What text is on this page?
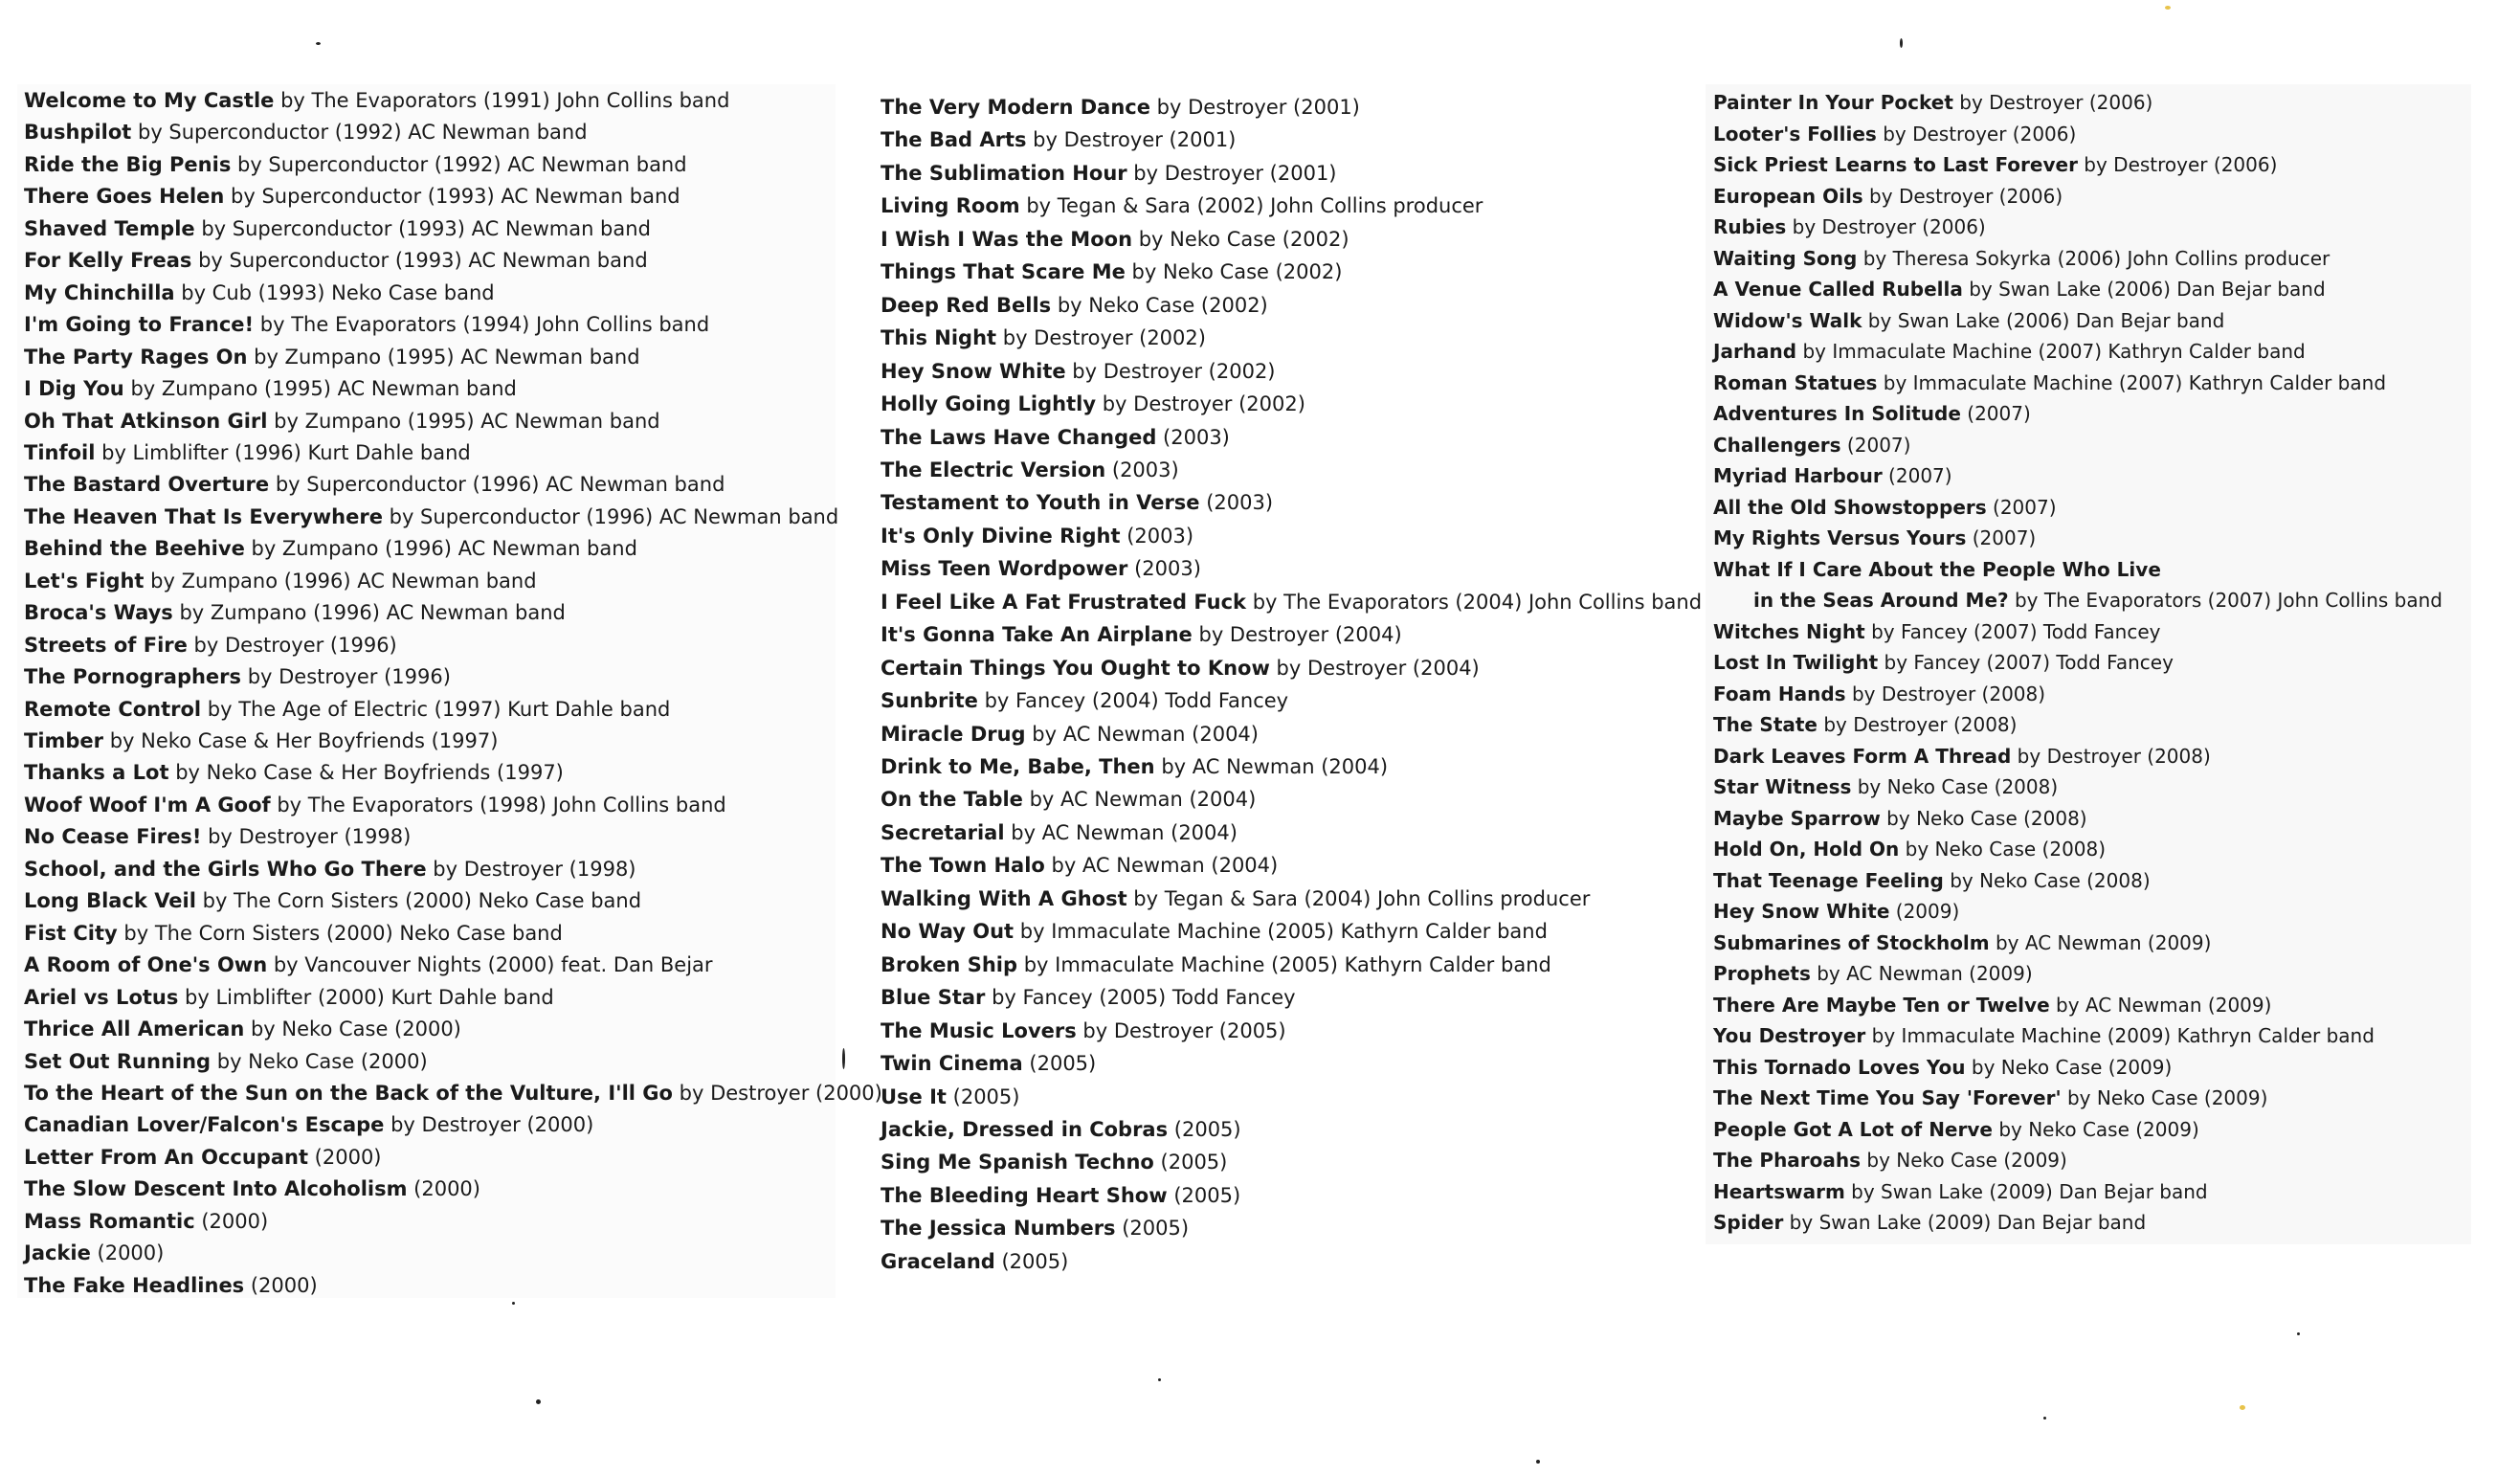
Welcome to My Castle by The Evaporators (1991) John Collins band
Bushpilot by Superconductor (1992) AC Newman band
Ride the Big Penis by Superconductor (1992) AC Newman band
There Goes Helen by Superconductor (1993) AC Newman band
Shaved Temple by Superconductor (1993) AC Newman band
For Kelly Freas by Superconductor (1993) AC Newman band
My Chinchilla by Cub (1993) Neko Case band
I'm Going to France! by The Evaporators (1994) John Collins band
The Party Rages On by Zumpano (1995) AC Newman band
I Dig You by Zumpano (1995) AC Newman band
Oh That Atkinson Girl by Zumpano (1995) AC Newman band
Tinfoil by Limblifter (1996) Kurt Dahle band
The Bastard Overture by Superconductor (1996) AC Newman band
The Heaven That Is Everywhere by Superconductor (1996) AC Newman band
Behind the Beehive by Zumpano (1996) AC Newman band
Let's Fight by Zumpano (1996) AC Newman band
Broca's Ways by Zumpano (1996) AC Newman band
Streets of Fire by Destroyer (1996)
The Pornographers by Destroyer (1996)
Remote Control by The Age of Electric (1997) Kurt Dahle band
Timber by Neko Case & Her Boyfriends (1997)
Thanks a Lot by Neko Case & Her Boyfriends (1997)
Woof Woof I'm A Goof by The Evaporators (1998) John Collins band
No Cease Fires! by Destroyer (1998)
School, and the Girls Who Go There by Destroyer (1998)
Long Black Veil by The Corn Sisters (2000) Neko Case band
Fist City by The Corn Sisters (2000) Neko Case band
A Room of One's Own by Vancouver Nights (2000) feat. Dan Bejar
Ariel vs Lotus by Limblifter (2000) Kurt Dahle band
Thrice All American by Neko Case (2000)
Set Out Running by Neko Case (2000)
To the Heart of the Sun on the Back of the Vulture, I'll Go by Destroyer (2000)
Canadian Lover/Falcon's Escape by Destroyer (2000)
Letter From An Occupant (2000)
The Slow Descent Into Alcoholism (2000)
Mass Romantic (2000)
Jackie (2000)
The Fake Headlines (2000)
The Very Modern Dance by Destroyer (2001)
The Bad Arts by Destroyer (2001)
The Sublimation Hour by Destroyer (2001)
Living Room by Tegan & Sara (2002) John Collins producer
I Wish I Was the Moon by Neko Case (2002)
Things That Scare Me by Neko Case (2002)
Deep Red Bells by Neko Case (2002)
This Night by Destroyer (2002)
Hey Snow White by Destroyer (2002)
Holly Going Lightly by Destroyer (2002)
The Laws Have Changed (2003)
The Electric Version (2003)
Testament to Youth in Verse (2003)
It's Only Divine Right (2003)
Miss Teen Wordpower (2003)
I Feel Like A Fat Frustrated Fuck by The Evaporators (2004) John Collins band
It's Gonna Take An Airplane by Destroyer (2004)
Certain Things You Ought to Know by Destroyer (2004)
Sunbrite by Fancey (2004) Todd Fancey
Miracle Drug by AC Newman (2004)
Drink to Me, Babe, Then by AC Newman (2004)
On the Table by AC Newman (2004)
Secretarial by AC Newman (2004)
The Town Halo by AC Newman (2004)
Walking With A Ghost by Tegan & Sara (2004) John Collins producer
No Way Out by Immaculate Machine (2005) Kathyrn Calder band
Broken Ship by Immaculate Machine (2005) Kathyrn Calder band
Blue Star by Fancey (2005) Todd Fancey
The Music Lovers by Destroyer (2005)
Twin Cinema (2005)
Use It (2005)
Jackie, Dressed in Cobras (2005)
Sing Me Spanish Techno (2005)
The Bleeding Heart Show (2005)
The Jessica Numbers (2005)
Graceland (2005)
Painter In Your Pocket by Destroyer (2006)
Looter's Follies by Destroyer (2006)
Sick Priest Learns to Last Forever by Destroyer (2006)
European Oils by Destroyer (2006)
Rubies by Destroyer (2006)
Waiting Song by Theresa Sokyrka (2006) John Collins producer
A Venue Called Rubella by Swan Lake (2006) Dan Bejar band
Widow's Walk by Swan Lake (2006) Dan Bejar band
Jarhand by Immaculate Machine (2007) Kathryn Calder band
Roman Statues by Immaculate Machine (2007) Kathryn Calder band
Adventures In Solitude (2007)
Challengers (2007)
Myriad Harbour (2007)
All the Old Showstoppers (2007)
My Rights Versus Yours (2007)
What If I Care About the People Who Live
in the Seas Around Me? by The Evaporators (2007) John Collins band
Witches Night by Fancey (2007) Todd Fancey
Lost In Twilight by Fancey (2007) Todd Fancey
Foam Hands by Destroyer (2008)
The State by Destroyer (2008)
Dark Leaves Form A Thread by Destroyer (2008)
Star Witness by Neko Case (2008)
Maybe Sparrow by Neko Case (2008)
Hold On, Hold On by Neko Case (2008)
That Teenage Feeling by Neko Case (2008)
Hey Snow White (2009)
Submarines of Stockholm by AC Newman (2009)
Prophets by AC Newman (2009)
There Are Maybe Ten or Twelve by AC Newman (2009)
You Destroyer by Immaculate Machine (2009) Kathryn Calder band
This Tornado Loves You by Neko Case (2009)
The Next Time You Say 'Forever' by Neko Case (2009)
People Got A Lot of Nerve by Neko Case (2009)
The Pharoahs by Neko Case (2009)
Heartswarm by Swan Lake (2009) Dan Bejar band
Spider by Swan Lake (2009) Dan Bejar band
